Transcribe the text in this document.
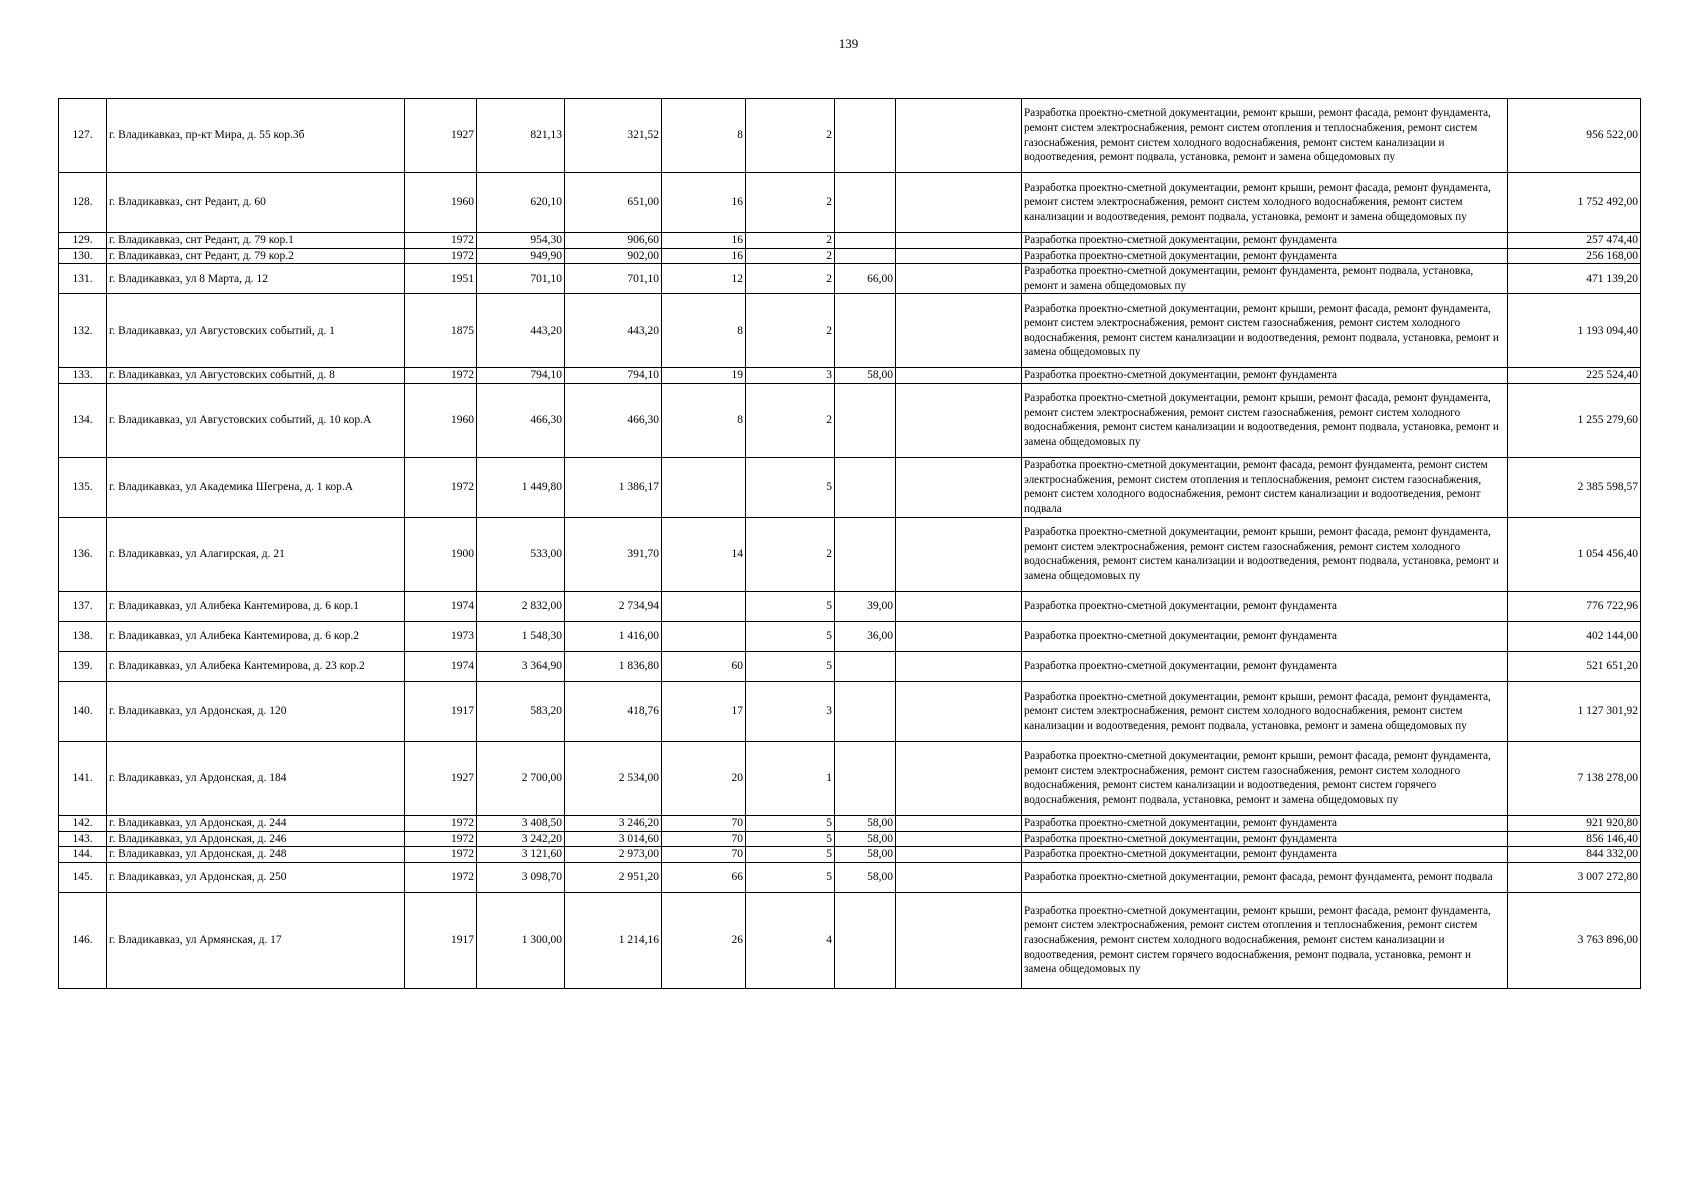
139
127.	г. Владикавказ, пр-кт Мира, д. 55 кор.3б	1927	821,13	321,52	8	2			Разработка проектно-сметной документации, ремонт крыши, ремонт фасада, ремонт фундамента, ремонт систем электроснабжения, ремонт систем отопления и теплоснабжения, ремонт систем газоснабжения, ремонт систем холодного водоснабжения, ремонт систем канализации и водоотведения, ремонт подвала, установка, ремонт и замена общедомовых пу	956 522,00
128.	г. Владикавказ, снт Редант, д. 60	1960	620,10	651,00	16	2			Разработка проектно-сметной документации, ремонт крыши, ремонт фасада, ремонт фундамента, ремонт систем электроснабжения, ремонт систем холодного водоснабжения, ремонт систем канализации и водоотведения, ремонт подвала, установка, ремонт и замена общедомовых пу	1 752 492,00
129.	г. Владикавказ, снт Редант, д. 79 кор.1	1972	954,30	906,60	16	2			Разработка проектно-сметной документации, ремонт фундамента	257 474,40
130.	г. Владикавказ, снт Редант, д. 79 кор.2	1972	949,90	902,00	16	2			Разработка проектно-сметной документации, ремонт фундамента	256 168,00
131.	г. Владикавказ, ул 8 Марта, д. 12	1951	701,10	701,10	12	2	66,00		Разработка проектно-сметной документации, ремонт фундамента, ремонт подвала, установка, ремонт и замена общедомовых пу	471 139,20
132.	г. Владикавказ, ул Августовских событий, д. 1	1875	443,20	443,20	8	2			Разработка проектно-сметной документации, ремонт крыши, ремонт фасада, ремонт фундамента, ремонт систем электроснабжения, ремонт систем газоснабжения, ремонт систем холодного водоснабжения, ремонт систем канализации и водоотведения, ремонт подвала, установка, ремонт и замена общедомовых пу	1 193 094,40
133.	г. Владикавказ, ул Августовских событий, д. 8	1972	794,10	794,10	19	3	58,00		Разработка проектно-сметной документации, ремонт фундамента	225 524,40
134.	г. Владикавказ, ул Августовских событий, д. 10 кор.А	1960	466,30	466,30	8	2			Разработка проектно-сметной документации, ремонт крыши, ремонт фасада, ремонт фундамента, ремонт систем электроснабжения, ремонт систем газоснабжения, ремонт систем холодного водоснабжения, ремонт систем канализации и водоотведения, ремонт подвала, установка, ремонт и замена общедомовых пу	1 255 279,60
135.	г. Владикавказ, ул Академика Шегрена, д. 1 кор.А	1972	1 449,80	1 386,17		5			Разработка проектно-сметной документации, ремонт фасада, ремонт фундамента, ремонт систем электроснабжения, ремонт систем отопления и теплоснабжения, ремонт систем газоснабжения, ремонт систем холодного водоснабжения, ремонт систем канализации и водоотведения, ремонт подвала	2 385 598,57
136.	г. Владикавказ, ул Алагирская, д. 21	1900	533,00	391,70	14	2			Разработка проектно-сметной документации, ремонт крыши, ремонт фасада, ремонт фундамента, ремонт систем электроснабжения, ремонт систем газоснабжения, ремонт систем холодного водоснабжения, ремонт систем канализации и водоотведения, ремонт подвала, установка, ремонт и замена общедомовых пу	1 054 456,40
137.	г. Владикавказ, ул Алибека Кантемирова, д. 6 кор.1	1974	2 832,00	2 734,94		5	39,00		Разработка проектно-сметной документации, ремонт фундамента	776 722,96
138.	г. Владикавказ, ул Алибека Кантемирова, д. 6 кор.2	1973	1 548,30	1 416,00		5	36,00		Разработка проектно-сметной документации, ремонт фундамента	402 144,00
139.	г. Владикавказ, ул Алибека Кантемирова, д. 23 кор.2	1974	3 364,90	1 836,80	60	5			Разработка проектно-сметной документации, ремонт фундамента	521 651,20
140.	г. Владикавказ, ул Ардонская, д. 120	1917	583,20	418,76	17	3			Разработка проектно-сметной документации, ремонт крыши, ремонт фасада, ремонт фундамента, ремонт систем электроснабжения, ремонт систем холодного водоснабжения, ремонт систем канализации и водоотведения, ремонт подвала, установка, ремонт и замена общедомовых пу	1 127 301,92
141.	г. Владикавказ, ул Ардонская, д. 184	1927	2 700,00	2 534,00	20	1			Разработка проектно-сметной документации, ремонт крыши, ремонт фасада, ремонт фундамента, ремонт систем электроснабжения, ремонт систем газоснабжения, ремонт систем холодного водоснабжения, ремонт систем канализации и водоотведения, ремонт систем горячего водоснабжения, ремонт подвала, установка, ремонт и замена общедомовых пу	7 138 278,00
142.	г. Владикавказ, ул Ардонская, д. 244	1972	3 408,50	3 246,20	70	5	58,00		Разработка проектно-сметной документации, ремонт фундамента	921 920,80
143.	г. Владикавказ, ул Ардонская, д. 246	1972	3 242,20	3 014,60	70	5	58,00		Разработка проектно-сметной документации, ремонт фундамента	856 146,40
144.	г. Владикавказ, ул Ардонская, д. 248	1972	3 121,60	2 973,00	70	5	58,00		Разработка проектно-сметной документации, ремонт фундамента	844 332,00
145.	г. Владикавказ, ул Ардонская, д. 250	1972	3 098,70	2 951,20	66	5	58,00		Разработка проектно-сметной документации, ремонт фасада, ремонт фундамента, ремонт подвала	3 007 272,80
146.	г. Владикавказ, ул Армянская, д. 17	1917	1 300,00	1 214,16	26	4			Разработка проектно-сметной документации, ремонт крыши, ремонт фасада, ремонт фундамента, ремонт систем электроснабжения, ремонт систем отопления и теплоснабжения, ремонт систем газоснабжения, ремонт систем холодного водоснабжения, ремонт систем канализации и водоотведения, ремонт систем горячего водоснабжения, ремонт подвала, установка, ремонт и замена общедомовых пу	3 763 896,00
